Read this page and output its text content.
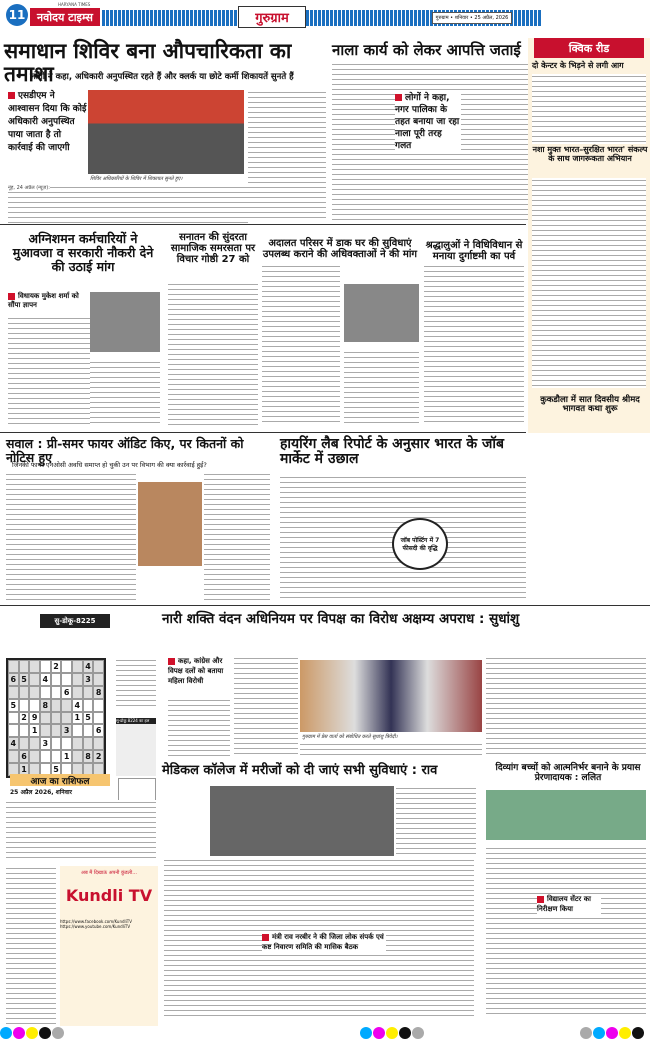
11	नवोदय टाइम्स
HARYANA TIMES
गुरुग्राम	गुरुग्राम • शनिवार • 25 अप्रैल, 2026
समाधान शिविर बना औपचारिकता का तमाशा
लोगों ने कहा, अधिकारी अनुपस्थित रहते हैं और क्लर्क या छोटे कर्मी शिकायतें सुनते हैं
एसडीएम ने आश्वासन दिया कि कोई अधिकारी अनुपस्थित पाया जाता है तो कार्रवाई की जाएगी
शिविर अधिकारियों के शिविर में शिकायत सुनते हुए।
नूंह, 24 अप्रैल (न्यूज़):
नाला कार्य को लेकर आपत्ति जताई
लोगों ने कहा, नगर पालिका के तहत बनाया जा रहा नाला पूरी तरह गलत
क्विक रीड
दो केन्टर के भिड़ने से लगी आग
नशा मुक्त भारत–सुरक्षित भारत' संकल्प के साथ जागरूकता अभियान
कुकडौला में सात दिवसीय श्रीमद भागवत कथा शुरू
अग्निशमन कर्मचारियों ने मुआवजा व सरकारी नौकरी देने की उठाई मांग
विधायक मुकेश शर्मा को सौंपा ज्ञापन
सनातन की सुंदरता सामाजिक समरसता पर विचार गोष्ठी 27 को
अदालत परिसर में डाक घर की सुविधाएं उपलब्ध कराने की अधिवक्ताओं ने की मांग
श्रद्धालुओं ने विधिविधान से मनाया दुर्गाष्टमी का पर्व
सवाल : प्री-समर फायर ऑडिट किए, पर कितनों को नोटिस हुए
जिनकी फायर एनओसी अवधि समाप्त हो चुकी उन पर विभाग की क्या कार्रवाई हुई?
हायरिंग लैब रिपोर्ट के अनुसार भारत के जॉब मार्केट में उछाल
जॉब पोस्टिंग में 7 फीसदी की वृद्धि
सु-डोकू-8225	नारी शक्ति वंदन अधिनियम पर विपक्ष का विरोध अक्षम्य अपराध : सुधांशु
2	4
6 5	4	3
6	8
5	8	4
2 9	1 5
1	3	6
4	3
6	1	8 2
1	5
सु-डोकू 8224 का हल
आज का राशिफल
25 अप्रैल 2026, शनिवार
अब मैं दिखाऊं अपनी कुंडली...
Kundli TV
https://www.facebook.com/KundliTV
https://www.youtube.com/KundliTV
कहा, कांग्रेस और विपक्ष दलों को बताया महिला विरोधी
गुरुग्राम में प्रेस वार्ता को संबोधित करते सुधांशु त्रिवेदी।
मेडिकल कॉलेज में मरीजों को दी जाएं सभी सुविधाएं : राव
मंत्री राव नरबीर ने की जिला लोक संपर्क एवं कष्ट निवारण समिति की मासिक बैठक
दिव्यांग बच्चों को आत्मनिर्भर बनाने के प्रयास प्रेरणादायक : ललित
विद्यालय सेंटर का निरीक्षण किया
